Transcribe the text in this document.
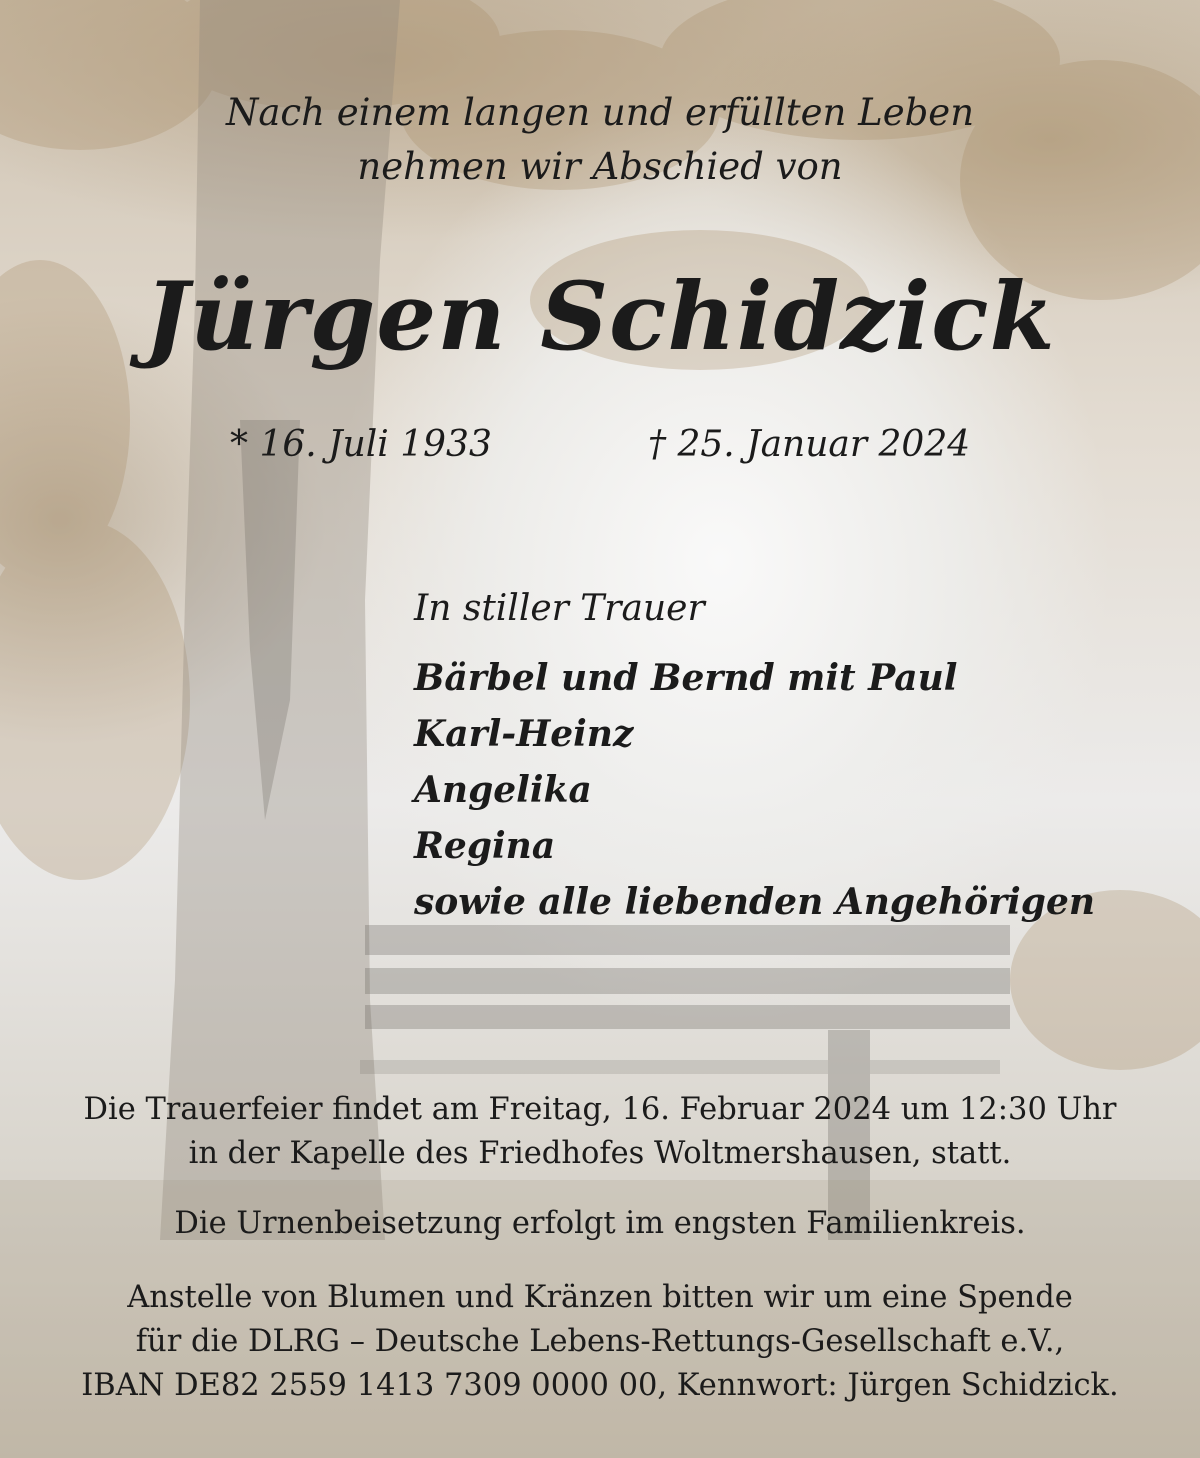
Nach einem langen und erfüllten Leben
nehmen wir Abschied von
Jürgen Schidzick
* 16. Juli 1933	† 25. Januar 2024
In stiller Trauer
Bärbel und Bernd mit Paul
Karl-Heinz
Angelika
Regina
sowie alle liebenden Angehörigen
Die Trauerfeier findet am Freitag, 16. Februar 2024 um 12:30 Uhr
in der Kapelle des Friedhofes Woltmershausen, statt.
Die Urnenbeisetzung erfolgt im engsten Familienkreis.
Anstelle von Blumen und Kränzen bitten wir um eine Spende
für die DLRG – Deutsche Lebens-Rettungs-Gesellschaft e.V.,
IBAN DE82 2559 1413 7309 0000 00, Kennwort: Jürgen Schidzick.
